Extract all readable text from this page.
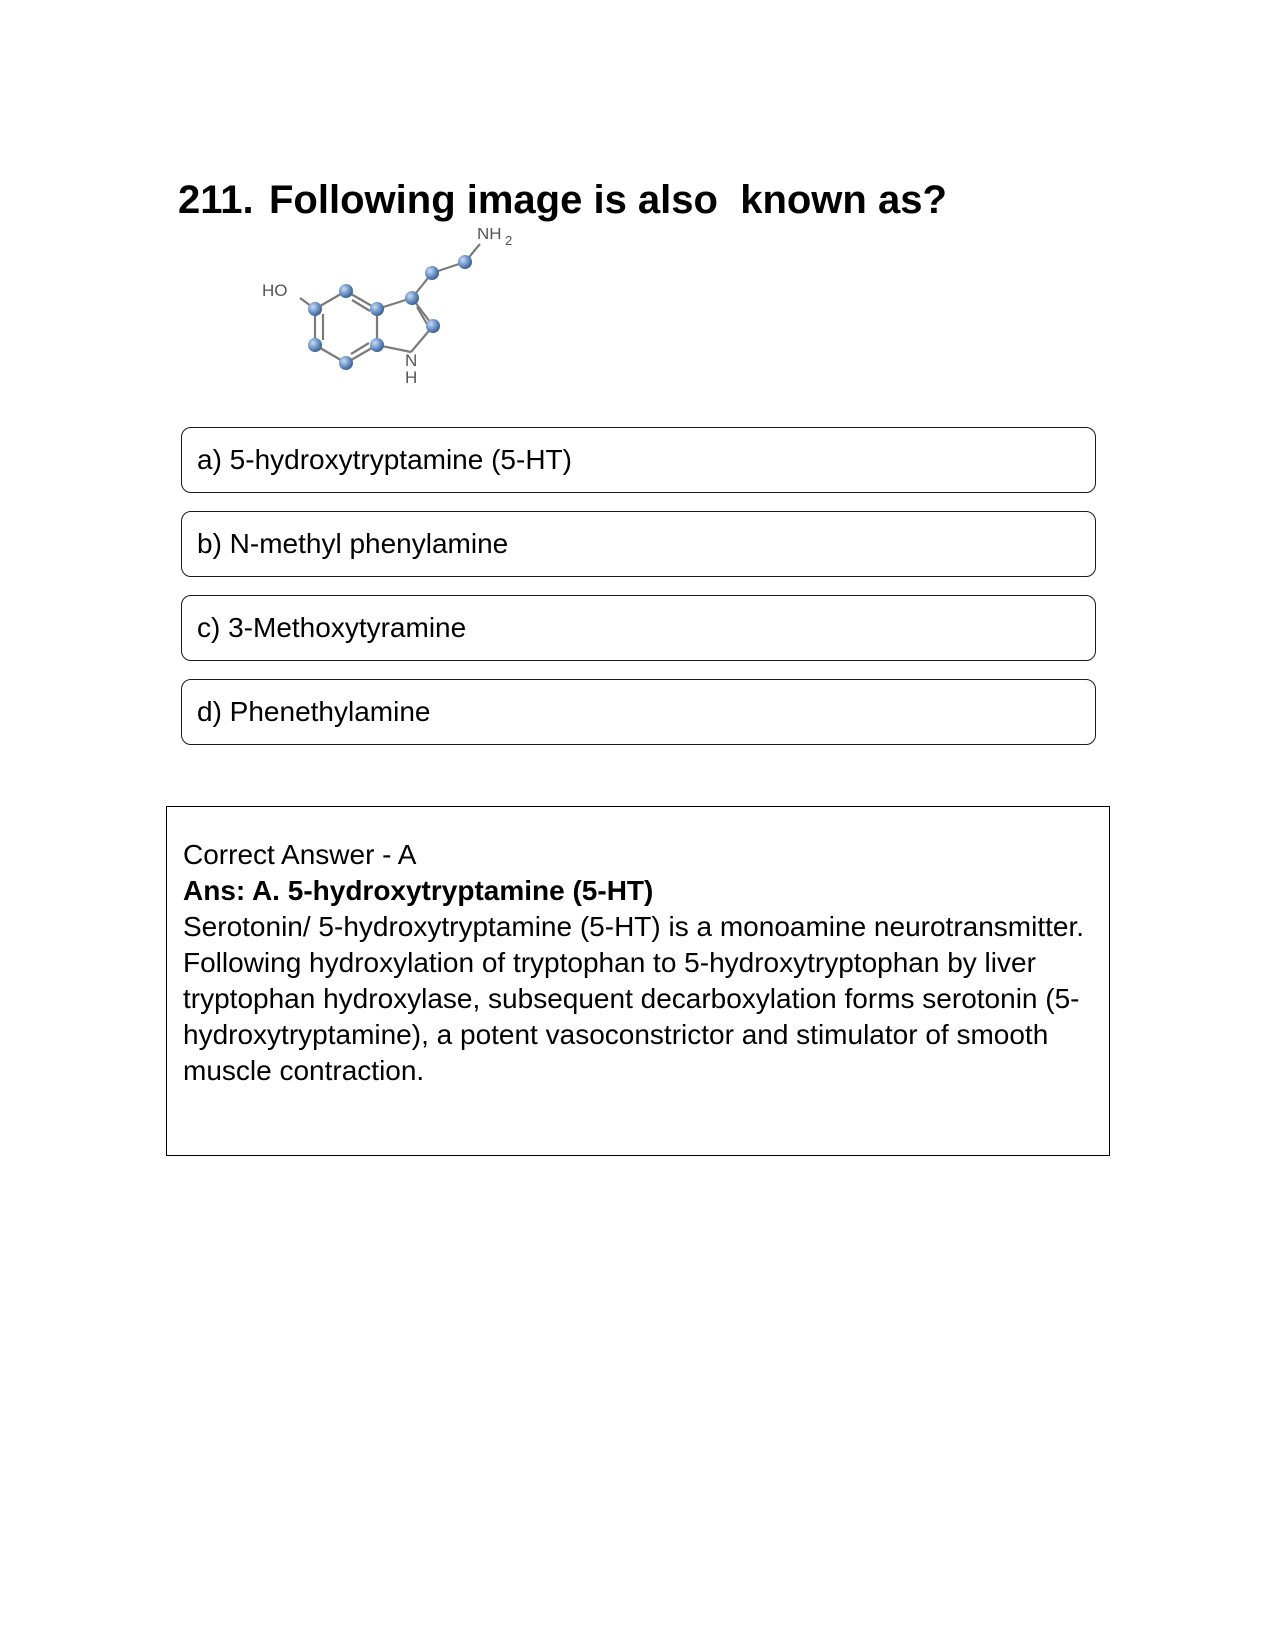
211. Following image is also  known as?
HO
NH 2
N
H
a) 5-hydroxytryptamine (5-HT)
b) N-methyl phenylamine
c) 3-Methoxytyramine
d) Phenethylamine

Correct Answer - A

Ans: A. 5-hydroxytryptamine (5-HT)

Serotonin/ 5-hydroxytryptamine (5-HT) is a monoamine neurotransmitter.

Following hydroxylation of tryptophan to 5-hydroxytryptophan by liver tryptophan hydroxylase, subsequent decarboxylation forms serotonin (5-hydroxytryptamine), a potent vasoconstrictor and stimulator of smooth muscle contraction.
